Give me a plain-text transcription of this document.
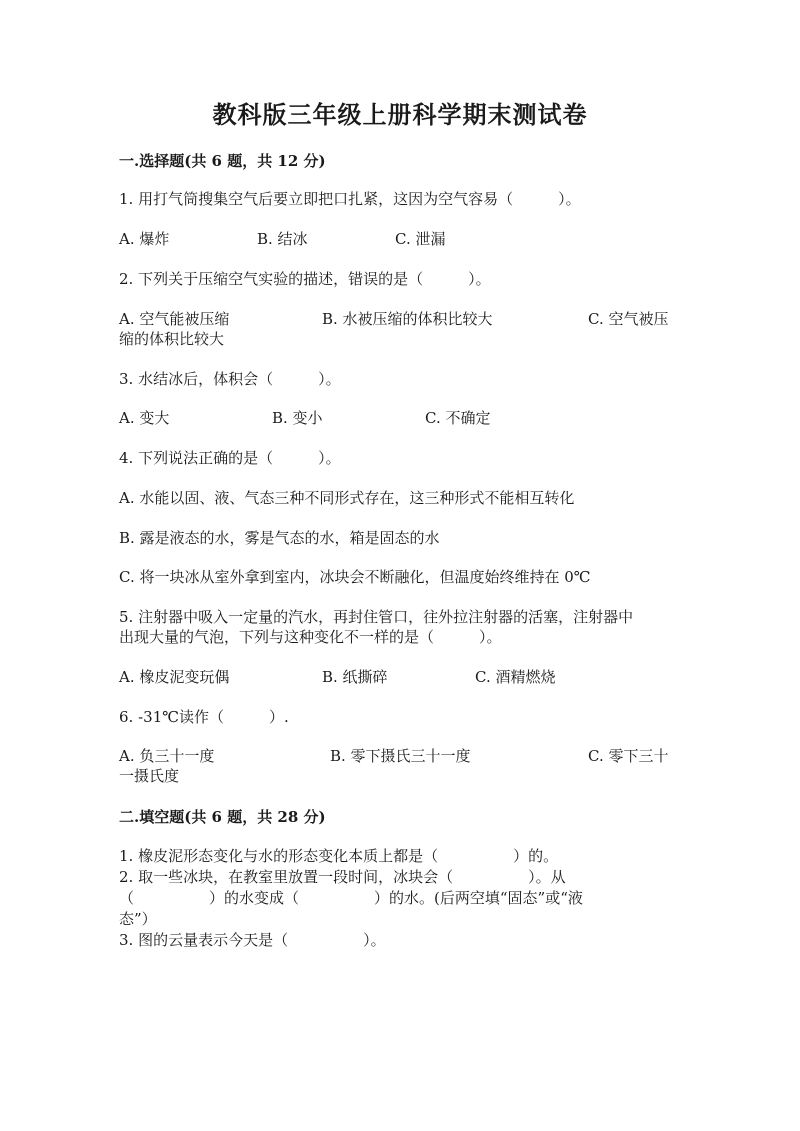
教科版三年级上册科学期末测试卷
一.选择题(共 6 题，共 12 分)
1. 用打气筒搜集空气后要立即把口扎紧，这因为空气容易（　　　）。
A. 爆炸	B. 结冰	C. 泄漏
2. 下列关于压缩空气实验的描述，错误的是（　　　）。
A. 空气能被压缩	B. 水被压缩的体积比较大	C. 空气被压
缩的体积比较大
3. 水结冰后，体积会（　　　）。
A. 变大	B. 变小	C. 不确定
4. 下列说法正确的是（　　　）。
A. 水能以固、液、气态三种不同形式存在，这三种形式不能相互转化
B. 露是液态的水，雾是气态的水，箱是固态的水
C. 将一块冰从室外拿到室内，冰块会不断融化，但温度始终维持在 0℃
5. 注射器中吸入一定量的汽水，再封住管口，往外拉注射器的活塞，注射器中
出现大量的气泡，下列与这种变化不一样的是（　　　）。
A. 橡皮泥变玩偶	B. 纸撕碎	C. 酒精燃烧
6. -31℃读作（　　　）.
A. 负三十一度	B. 零下摄氏三十一度	C. 零下三十
一摄氏度
二.填空题(共 6 题，共 28 分)
1. 橡皮泥形态变化与水的形态变化本质上都是（　　　　　）的。
2. 取一些冰块，在教室里放置一段时间，冰块会（　　　　　）。从
（　　　　　）的水变成（　　　　　）的水。(后两空填“固态”或“液
态”）
3. 图的云量表示今天是（　　　　　）。
